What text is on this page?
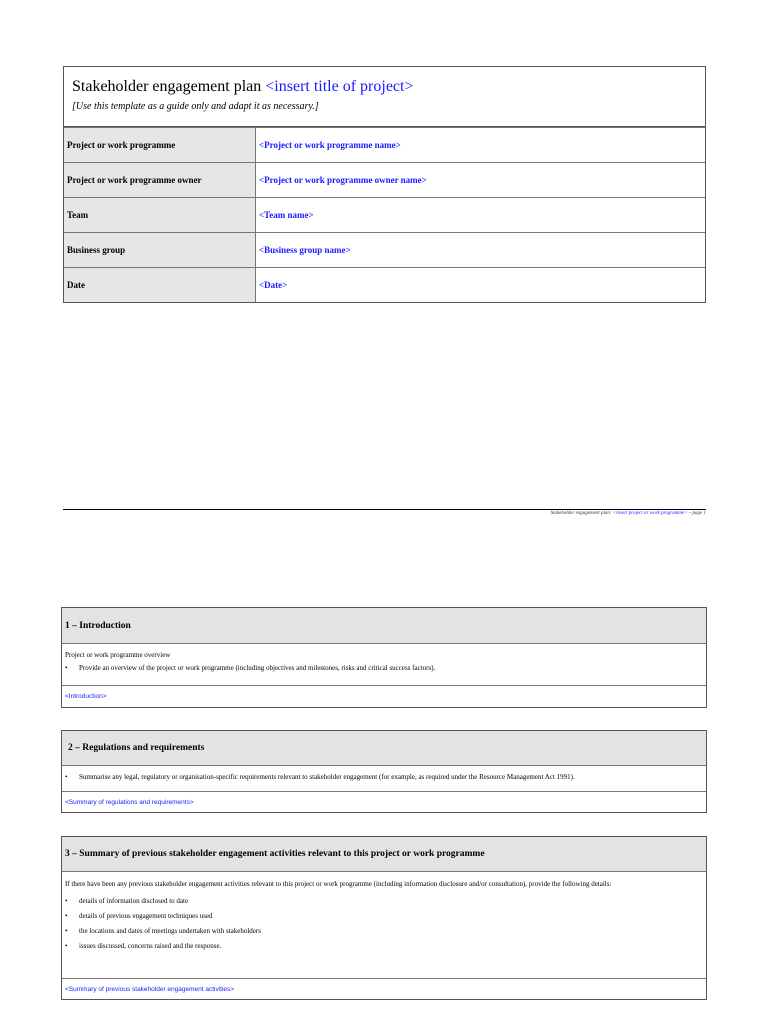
Stakeholder engagement plan <insert title of project>
[Use this template as a guide only and adapt it as necessary.]
Project or work programme	<Project or work programme name>
Project or work programme owner	<Project or work programme owner name>
Team	<Team name>
Business group	<Business group name>
Date	<Date>
Stakeholder engagement plan: <insert project or work programme> – page 1
1 – Introduction

Project or work programme overview

•	Provide an overview of the project or work programme (including objectives and milestones, risks and critical success factors).
<Introduction>
2 – Regulations and requirements
•	Summarise any legal, regulatory or organisation-specific requirements relevant to stakeholder engagement (for example, as required under the Resource Management Act 1991).
<Summary of regulations and requirements>
3 – Summary of previous stakeholder engagement activities relevant to this project or work programme

If there have been any previous stakeholder engagement activities relevant to this project or work programme (including information disclosure and/or consultation), provide the following details:

•	details of information disclosed to date
•	details of previous engagement techniques used
•	the locations and dates of meetings undertaken with stakeholders
•	issues discussed, concerns raised and the response.
<Summary of previous stakeholder engagement activities>
